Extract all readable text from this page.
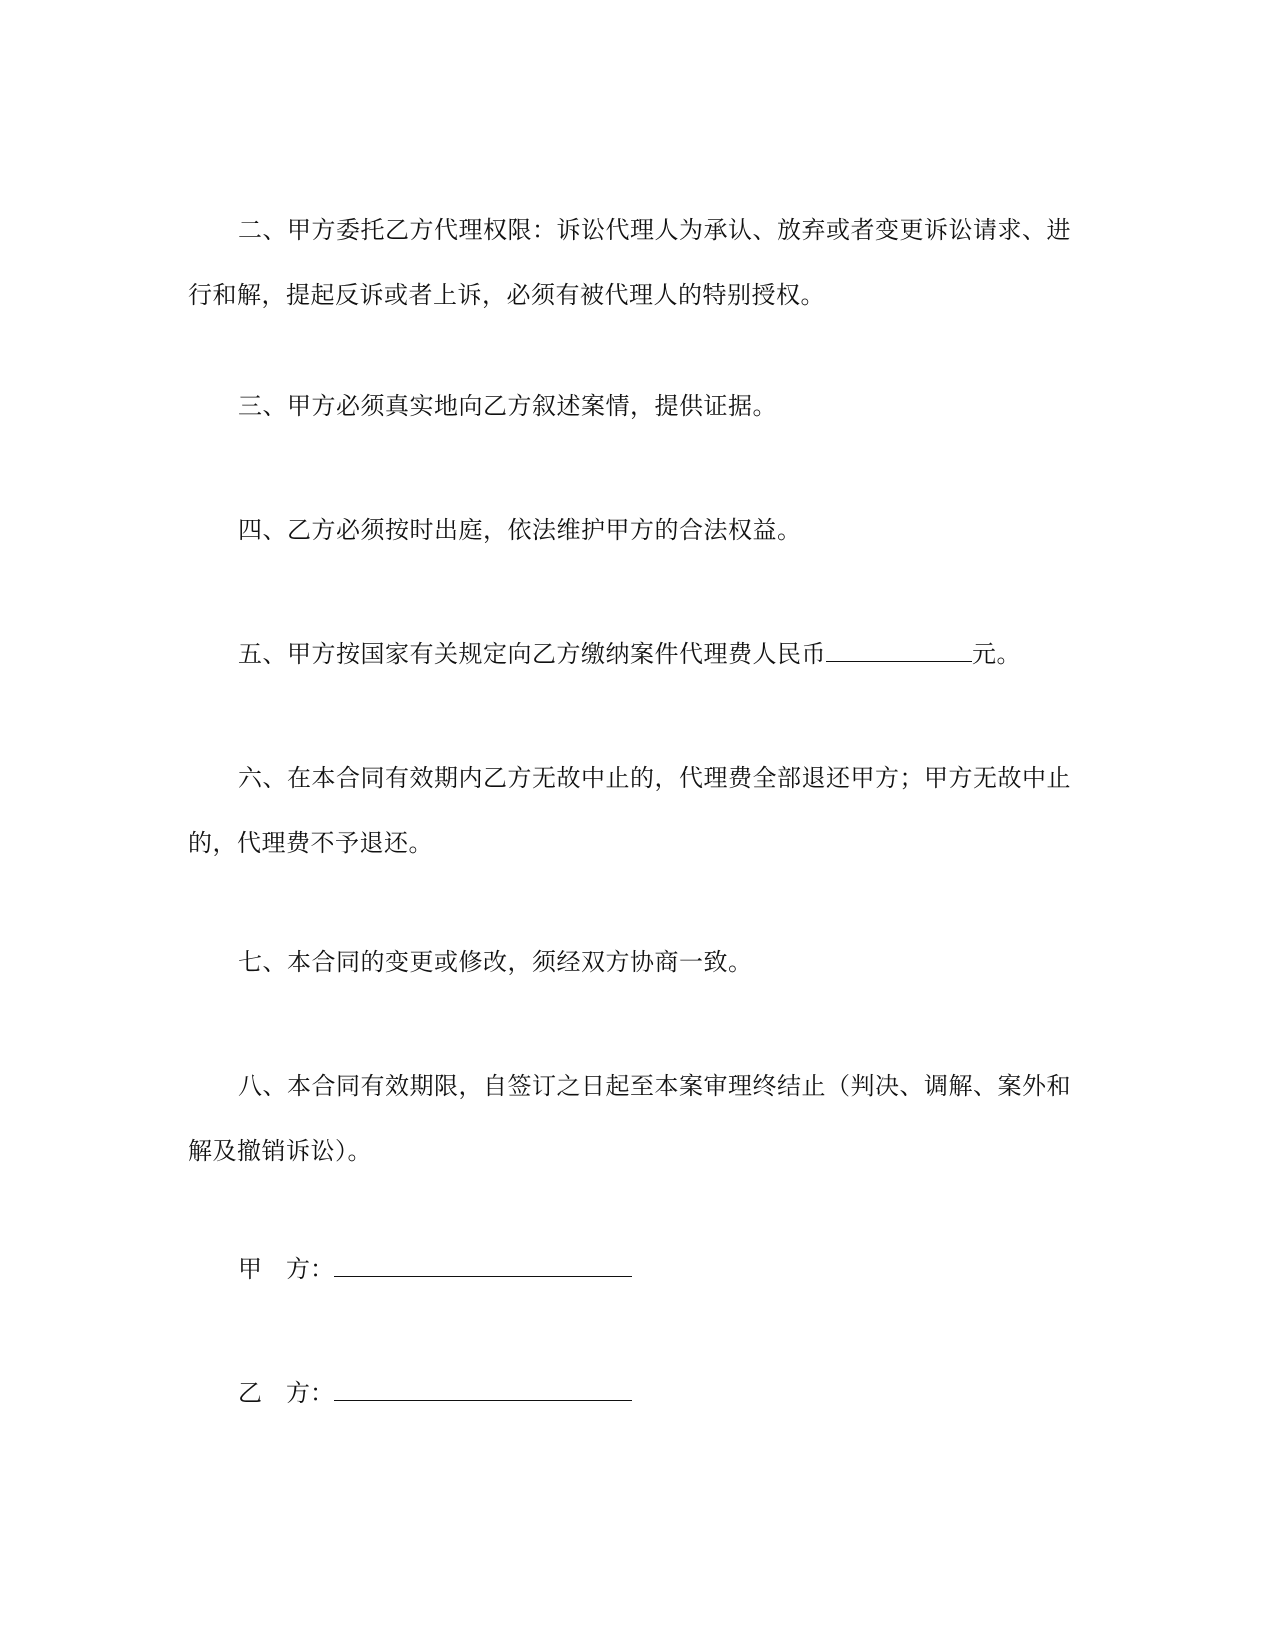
二、甲方委托乙方代理权限：诉讼代理人为承认、放弃或者变更诉讼请求、进行和解，提起反诉或者上诉，必须有被代理人的特别授权。

三、甲方必须真实地向乙方叙述案情，提供证据。

四、乙方必须按时出庭，依法维护甲方的合法权益。

五、甲方按国家有关规定向乙方缴纳案件代理费人民币	元。

六、在本合同有效期内乙方无故中止的，代理费全部退还甲方；甲方无故中止的，代理费不予退还。

七、本合同的变更或修改，须经双方协商一致。

八、本合同有效期限，自签订之日起至本案审理终结止（判决、调解、案外和解及撤销诉讼）。

甲　方：
乙　方：
